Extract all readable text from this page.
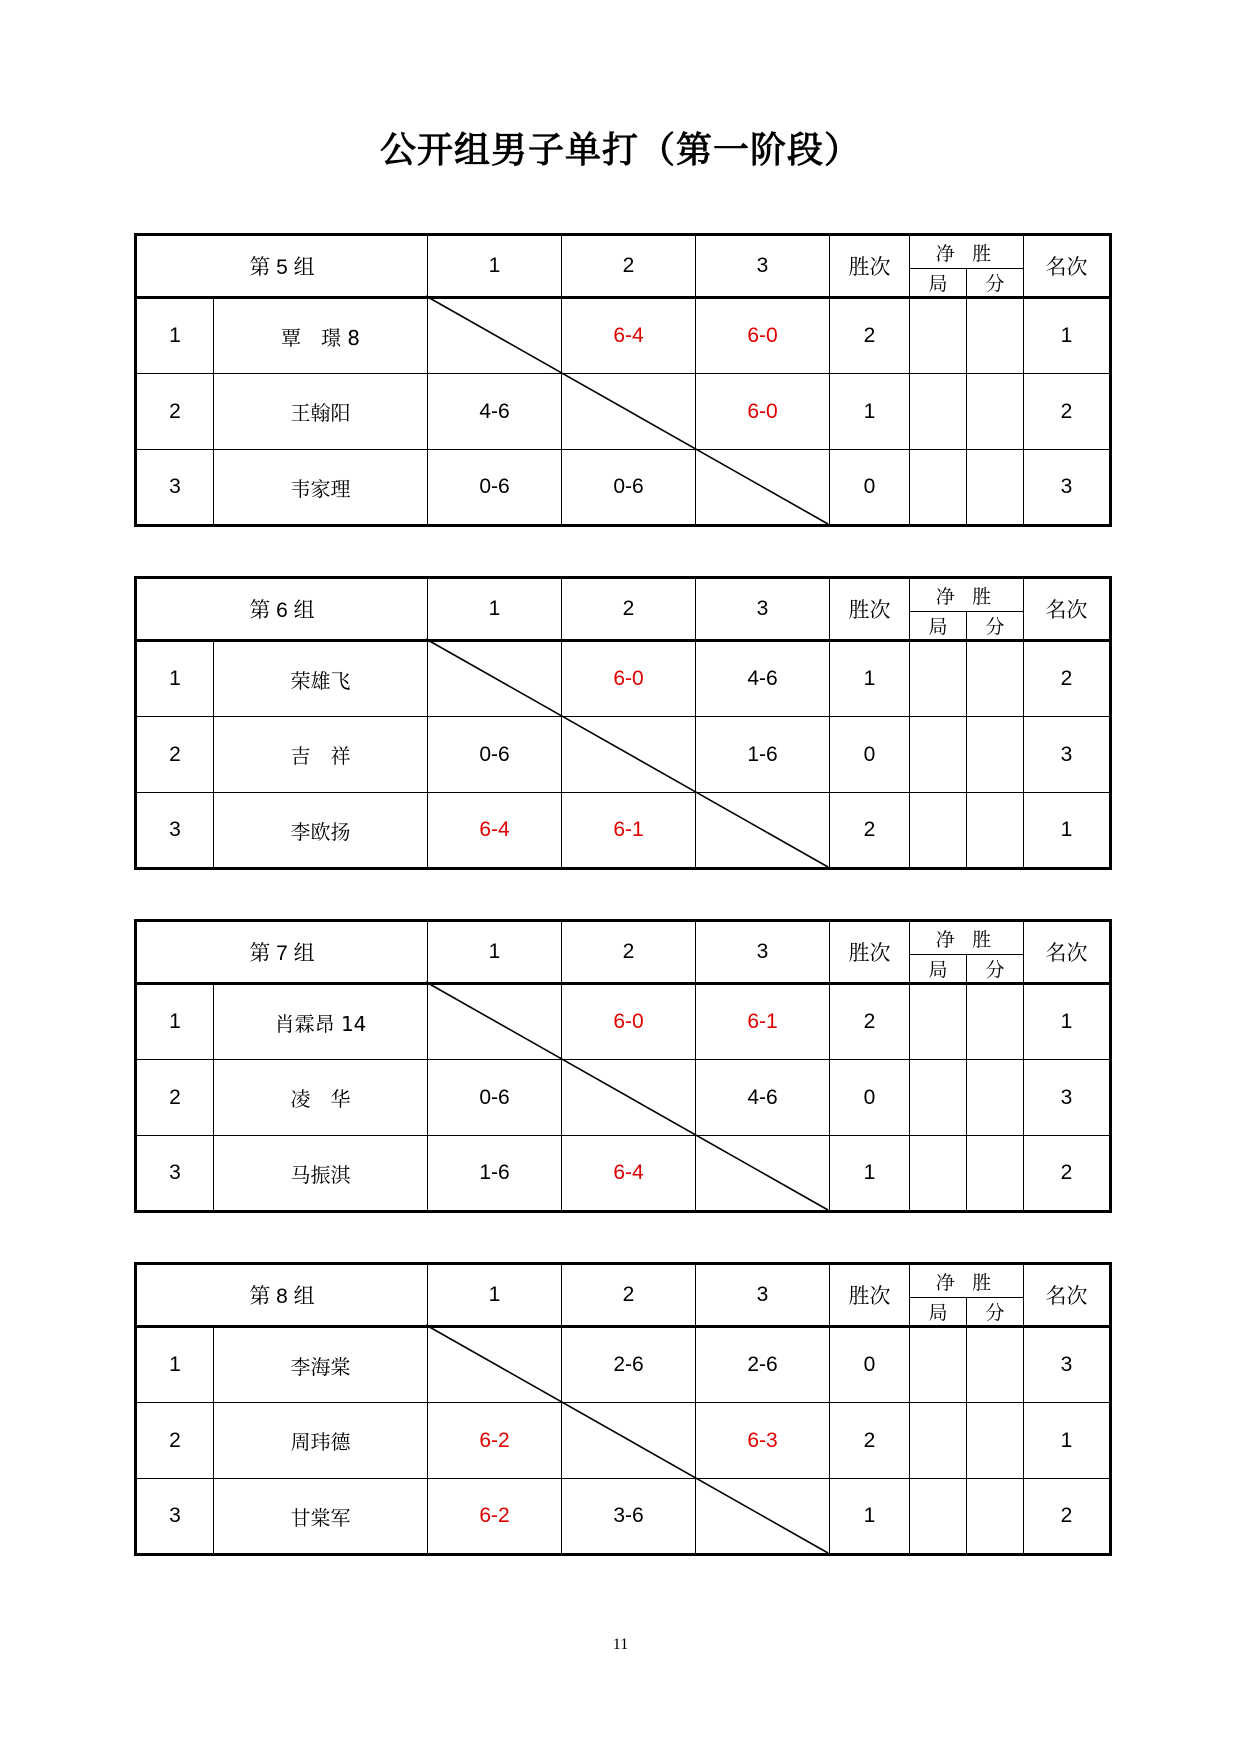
公开组男子单打（第一阶段）
第 5 组		1	2	3	胜次	净 胜		名次
						局	分	
1	覃　璟 8		6-4	6-0	2			1
2	王翰阳	4-6		6-0	1			2
3	韦家理	0-6	0-6		0			3
第 6 组		1	2	3	胜次	净 胜		名次
						局	分	
1	荣雄飞		6-0	4-6	1			2
2	吉　祥	0-6		1-6	0			3
3	李欧扬	6-4	6-1		2			1
第 7 组		1	2	3	胜次	净 胜		名次
						局	分	
1	肖霖昂 14		6-0	6-1	2			1
2	凌　华	0-6		4-6	0			3
3	马振淇	1-6	6-4		1			2
第 8 组		1	2	3	胜次	净 胜		名次
						局	分	
1	李海棠		2-6	2-6	0			3
2	周玮德	6-2		6-3	2			1
3	甘棠军	6-2	3-6		1			2
11
